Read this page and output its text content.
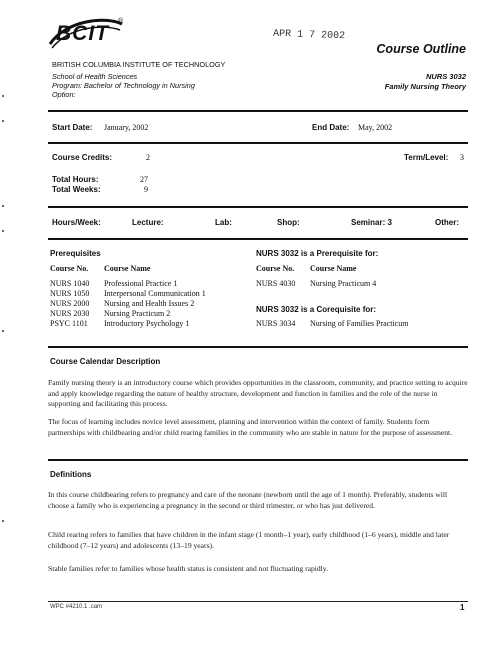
BCIT
®
APR 1 7 2002
Course Outline
BRITISH COLUMBIA INSTITUTE OF TECHNOLOGY
School of Health Sciences
Program: Bachelor of Technology in Nursing
Option:
NURS 3032
Family Nursing Theory
Start Date: January, 2002	End Date: May, 2002
Course Credits:	2	Term/Level: 3
Total Hours:	27
Total Weeks:	9
Hours/Week:	Lecture:	Lab:	Shop:	Seminar: 3	Other:
Prerequisites
Course No.	Course Name
NURS 1040	Professional Practice 1
NURS 1050	Interpersonal Communication 1
NURS 2000	Nursing and Health Issues 2
NURS 2030	Nursing Practicum 2
PSYC 1101	Introductory Psychology 1
NURS 3032 is a Prerequisite for:
Course No.	Course Name
NURS 4030	Nursing Practicum 4
NURS 3032 is a Corequisite for:
NURS 3034	Nursing of Families Practicum
Course Calendar Description
Family nursing theory is an introductory course which provides opportunities in the classroom, community, and practice setting to acquire and apply knowledge regarding the nature of healthy structure, development and function in families and the role of the nurse in supporting and facilitating this process.
The focus of learning includes novice level assessment, planning and intervention within the context of family. Students form partnerships with childbearing and/or child rearing families in the community who are stable in nature for the purpose of assessment.
Definitions
In this course childbearing refers to pregnancy and care of the neonate (newborn until the age of 1 month). Preferably, students will choose a family who is experiencing a pregnancy in the second or third trimester, or who has just delivered.
Child rearing refers to families that have children in the infant stage (1 month–1 year), early childhood (1–6 years), middle and later childhood (7–12 years) and adolescents (13–19 years).
Stable families refer to families whose health status is consistent and not fluctuating rapidly.
WPC #4210.1 .cam	1
